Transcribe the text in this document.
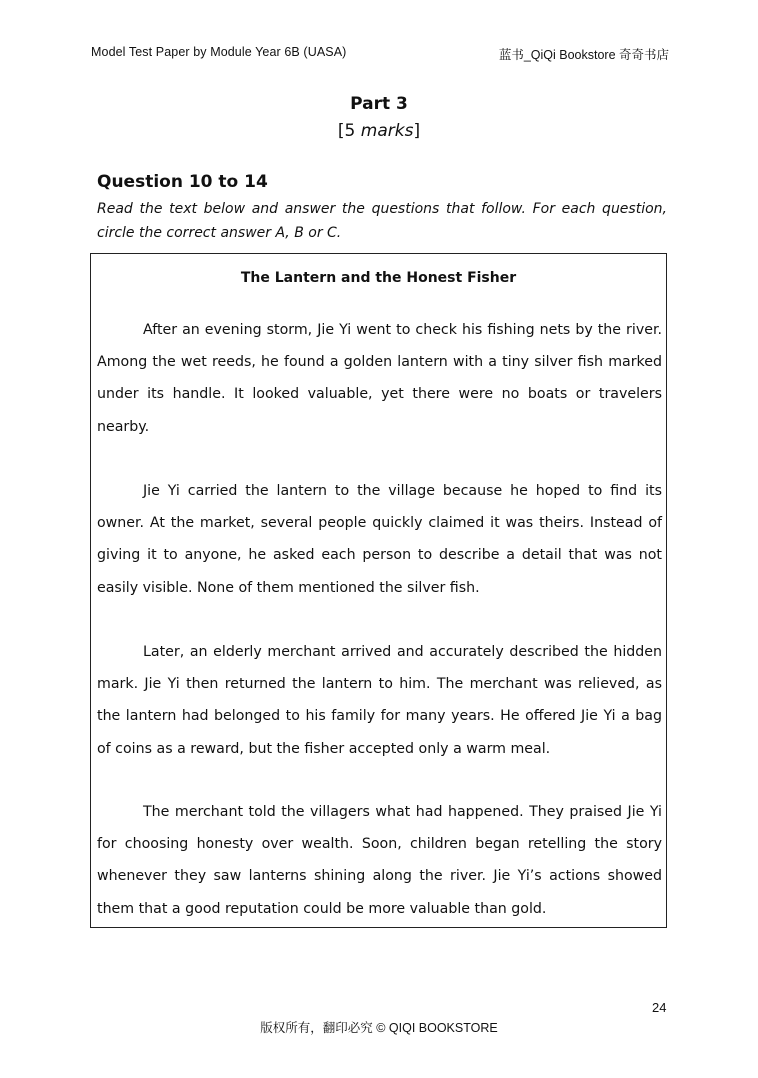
Model Test Paper by Module Year 6B (UASA)	蓝书_QiQi Bookstore 奇奇书店
Part 3
[5 marks]
Question 10 to 14
Read the text below and answer the questions that follow. For each question, circle the correct answer A, B or C.
The Lantern and the Honest Fisher

After an evening storm, Jie Yi went to check his fishing nets by the river. Among the wet reeds, he found a golden lantern with a tiny silver fish marked under its handle. It looked valuable, yet there were no boats or travelers nearby.

Jie Yi carried the lantern to the village because he hoped to find its owner. At the market, several people quickly claimed it was theirs. Instead of giving it to anyone, he asked each person to describe a detail that was not easily visible. None of them mentioned the silver fish.

Later, an elderly merchant arrived and accurately described the hidden mark. Jie Yi then returned the lantern to him. The merchant was relieved, as the lantern had belonged to his family for many years. He offered Jie Yi a bag of coins as a reward, but the fisher accepted only a warm meal.

The merchant told the villagers what had happened. They praised Jie Yi for choosing honesty over wealth. Soon, children began retelling the story whenever they saw lanterns shining along the river. Jie Yi’s actions showed them that a good reputation could be more valuable than gold.

24
版权所有，翻印必究 © QIQI BOOKSTORE
